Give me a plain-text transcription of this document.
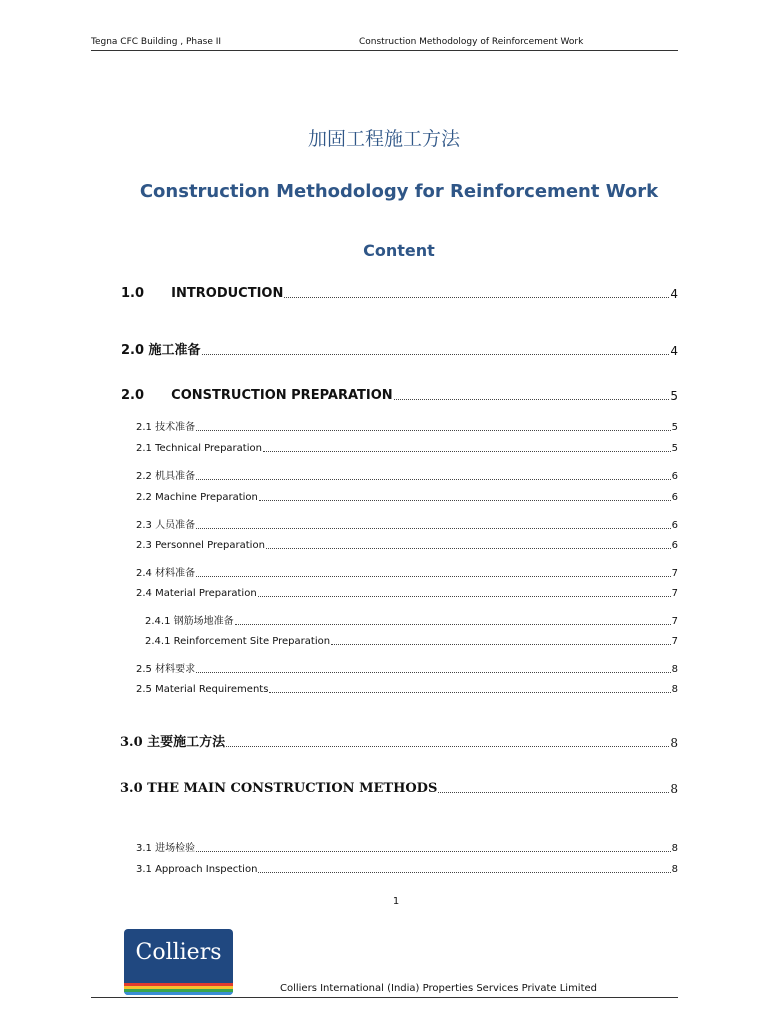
Tegna CFC Building , Phase II	Construction Methodology of Reinforcement Work
加固工程施工方法
Construction Methodology for Reinforcement Work
Content
1.0      INTRODUCTION	4
2.0 施工准备	4
2.0      CONSTRUCTION PREPARATION	5
2.1 技术准备	5
2.1 Technical Preparation	5
2.2 机具准备	6
2.2 Machine Preparation	6
2.3 人员准备	6
2.3 Personnel Preparation	6
2.4 材料准备	7
2.4 Material Preparation	7
2.4.1 钢筋场地准备	7
2.4.1 Reinforcement Site Preparation	7
2.5 材料要求	8
2.5 Material Requirements	8
3.0 主要施工方法	8
3.0 THE MAIN CONSTRUCTION METHODS	8
3.1 进场检验	8
3.1 Approach Inspection	8
1
Colliers
Colliers International (India) Properties Services Private Limited
